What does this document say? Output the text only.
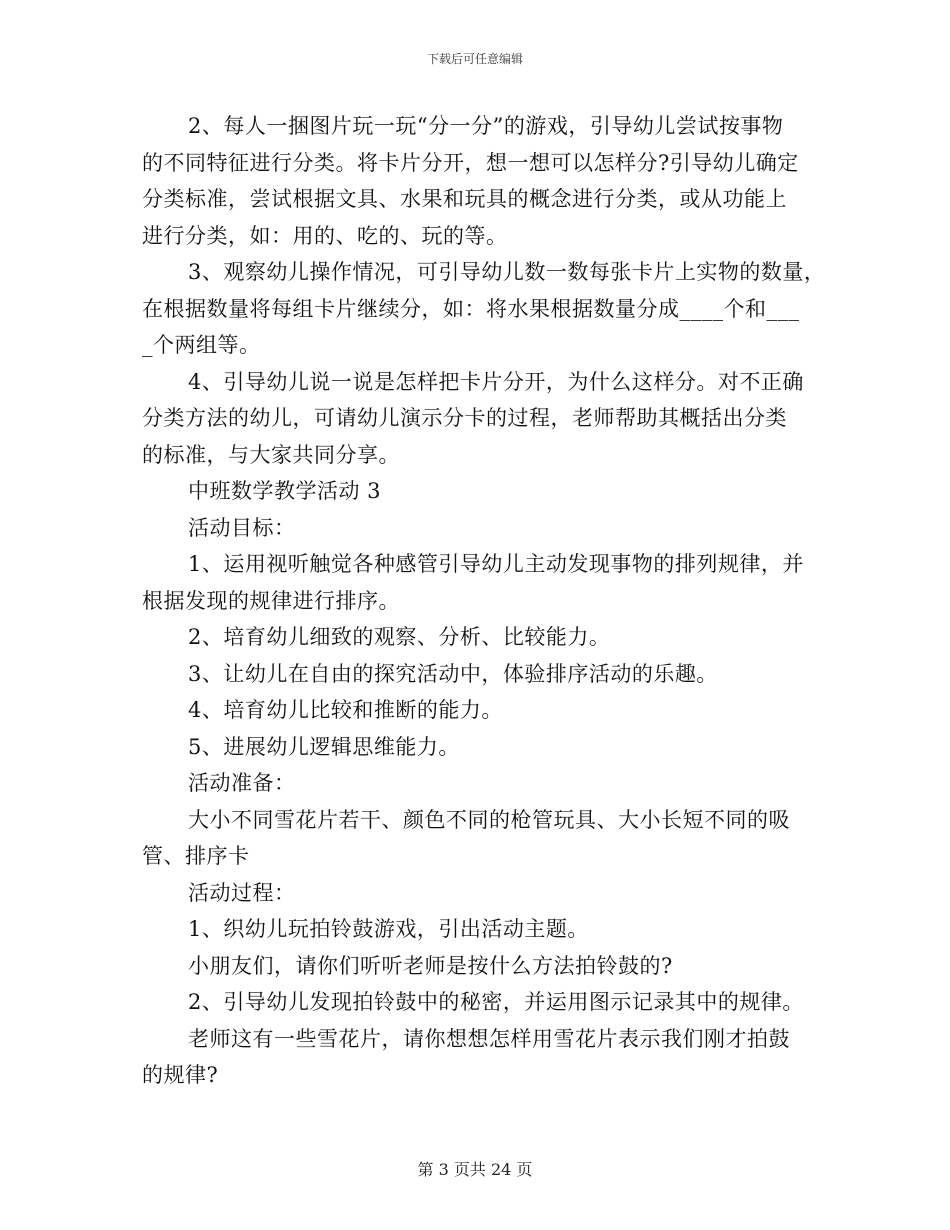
下载后可任意编辑
2、每人一捆图片玩一玩“分一分”的游戏，引导幼儿尝试按事物
的不同特征进行分类。将卡片分开，想一想可以怎样分?引导幼儿确定
分类标准，尝试根据文具、水果和玩具的概念进行分类，或从功能上
进行分类，如：用的、吃的、玩的等。
3、观察幼儿操作情况，可引导幼儿数一数每张卡片上实物的数量，
在根据数量将每组卡片继续分，如：将水果根据数量分成____个和___
_个两组等。
4、引导幼儿说一说是怎样把卡片分开，为什么这样分。对不正确
分类方法的幼儿，可请幼儿演示分卡的过程，老师帮助其概括出分类
的标准，与大家共同分享。
中班数学教学活动 3
活动目标：
1、运用视听触觉各种感管引导幼儿主动发现事物的排列规律，并
根据发现的规律进行排序。
2、培育幼儿细致的观察、分析、比较能力。
3、让幼儿在自由的探究活动中，体验排序活动的乐趣。
4、培育幼儿比较和推断的能力。
5、进展幼儿逻辑思维能力。
活动准备：
大小不同雪花片若干、颜色不同的枪管玩具、大小长短不同的吸
管、排序卡
活动过程：
1、织幼儿玩拍铃鼓游戏，引出活动主题。
小朋友们，请你们听听老师是按什么方法拍铃鼓的?
2、引导幼儿发现拍铃鼓中的秘密，并运用图示记录其中的规律。
老师这有一些雪花片，请你想想怎样用雪花片表示我们刚才拍鼓
的规律?
第 3 页共 24 页
